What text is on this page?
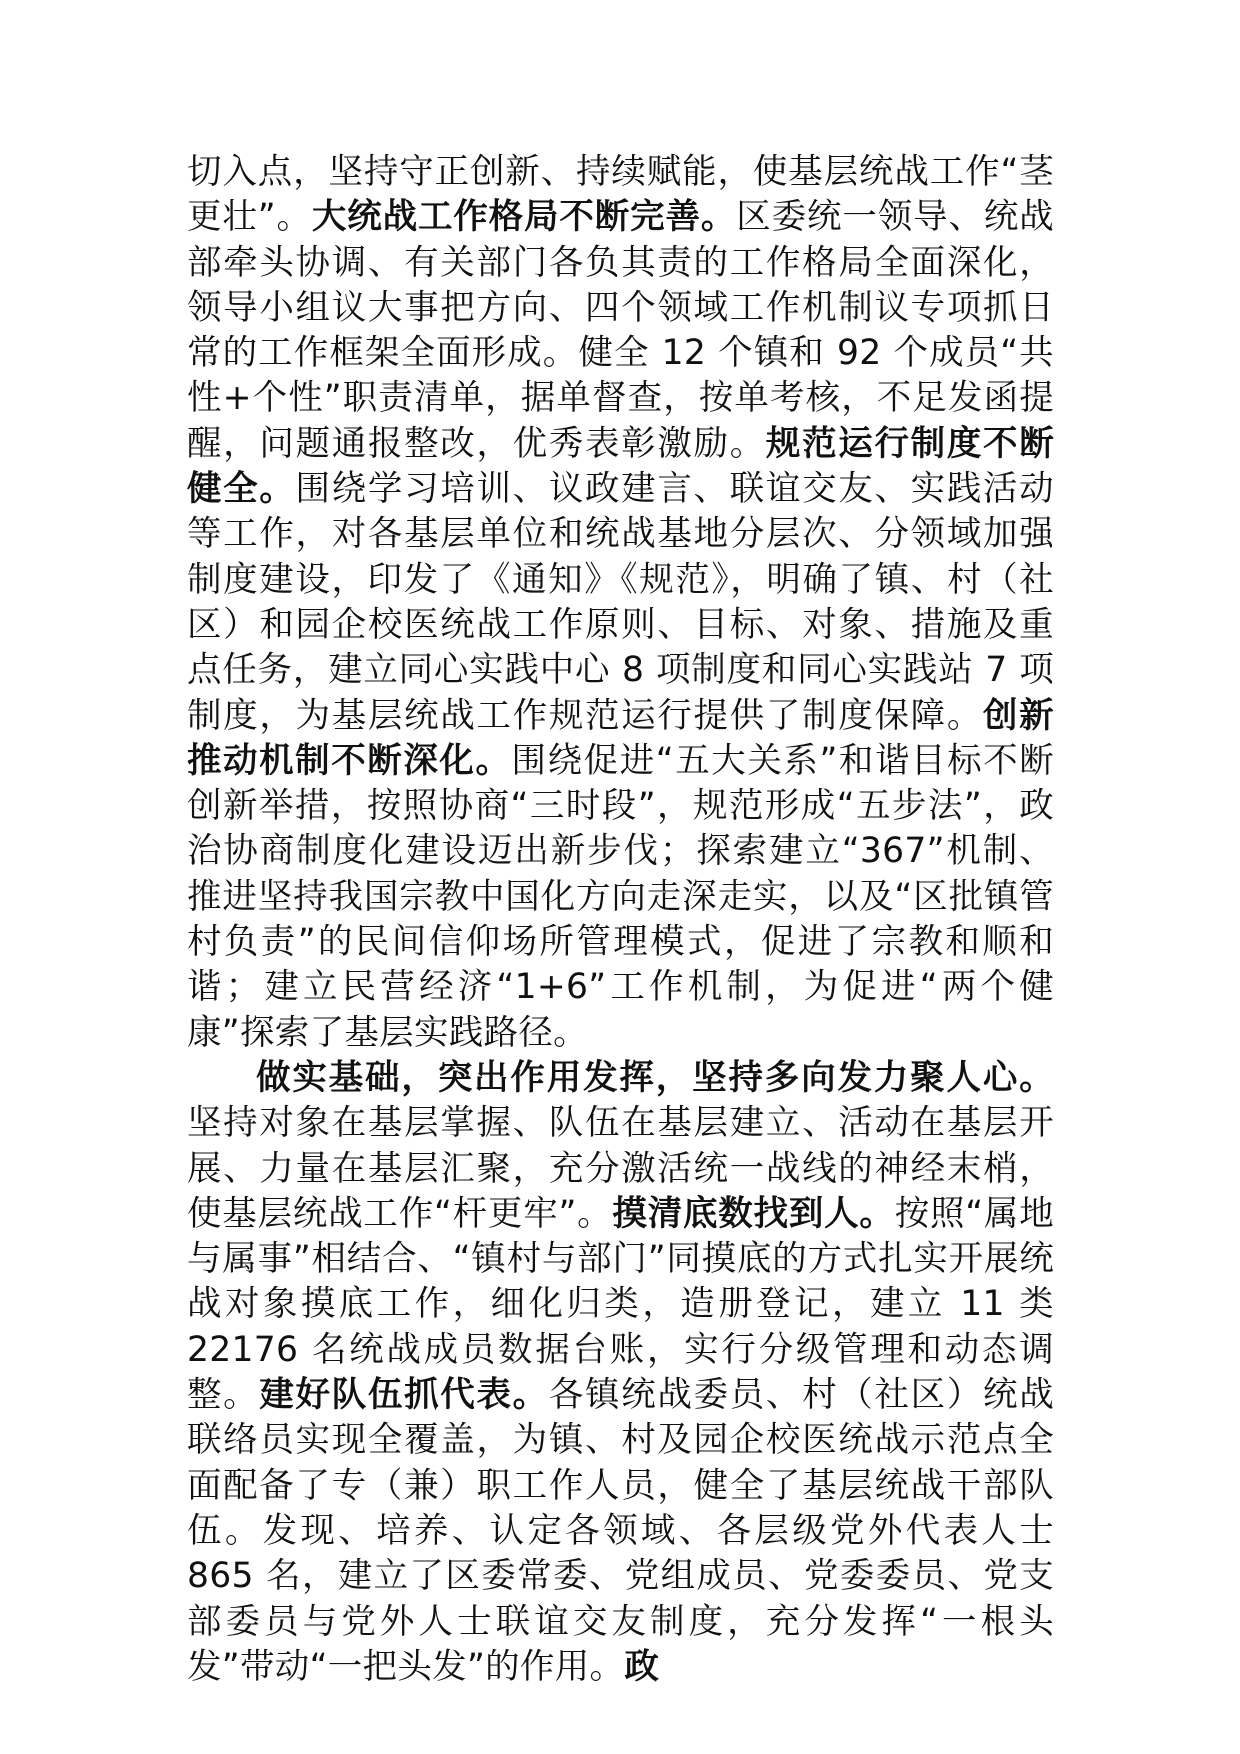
切入点，坚持守正创新、持续赋能，使基层统战工作“茎更壮”。大统战工作格局不断完善。区委统一领导、统战部牵头协调、有关部门各负其责的工作格局全面深化，领导小组议大事把方向、四个领域工作机制议专项抓日常的工作框架全面形成。健全 12 个镇和 92 个成员“共性+个性”职责清单，据单督查，按单考核，不足发函提醒，问题通报整改，优秀表彰激励。规范运行制度不断健全。围绕学习培训、议政建言、联谊交友、实践活动等工作，对各基层单位和统战基地分层次、分领域加强制度建设，印发了《通知》《规范》，明确了镇、村（社区）和园企校医统战工作原则、目标、对象、措施及重点任务，建立同心实践中心 8 项制度和同心实践站 7 项制度，为基层统战工作规范运行提供了制度保障。创新推动机制不断深化。围绕促进“五大关系”和谐目标不断创新举措，按照协商“三时段”，规范形成“五步法”，政治协商制度化建设迈出新步伐；探索建立“367”机制、推进坚持我国宗教中国化方向走深走实，以及“区批镇管村负责”的民间信仰场所管理模式，促进了宗教和顺和谐；建立民营经济“1+6”工作机制，为促进“两个健康”探索了基层实践路径。

做实基础，突出作用发挥，坚持多向发力聚人心。坚持对象在基层掌握、队伍在基层建立、活动在基层开展、力量在基层汇聚，充分激活统一战线的神经末梢，使基层统战工作“杆更牢”。摸清底数找到人。按照“属地与属事”相结合、“镇村与部门”同摸底的方式扎实开展统战对象摸底工作，细化归类，造册登记，建立 11 类 22176 名统战成员数据台账，实行分级管理和动态调整。建好队伍抓代表。各镇统战委员、村（社区）统战联络员实现全覆盖，为镇、村及园企校医统战示范点全面配备了专（兼）职工作人员，健全了基层统战干部队伍。发现、培养、认定各领域、各层级党外代表人士 865 名，建立了区委常委、党组成员、党委委员、党支部委员与党外人士联谊交友制度，充分发挥“一根头发”带动“一把头发”的作用。政
